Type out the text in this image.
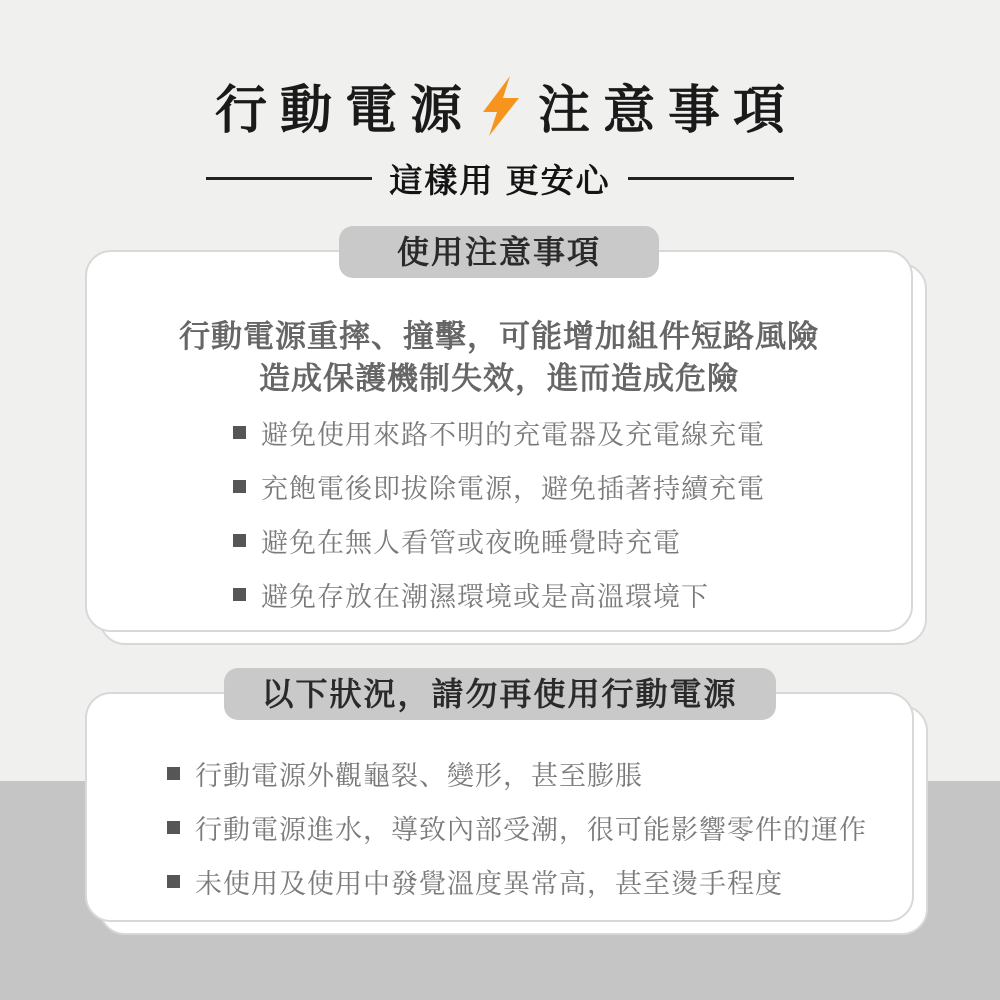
行動電源 注意事項
這樣用 更安心
使用注意事項
行動電源重摔、撞擊，可能增加組件短路風險
造成保護機制失效，進而造成危險
避免使用來路不明的充電器及充電線充電
充飽電後即拔除電源，避免插著持續充電
避免在無人看管或夜晚睡覺時充電
避免存放在潮濕環境或是高溫環境下
以下狀況，請勿再使用行動電源
行動電源外觀龜裂、變形，甚至膨脹
行動電源進水，導致內部受潮，很可能影響零件的運作
未使用及使用中發覺溫度異常高，甚至燙手程度
